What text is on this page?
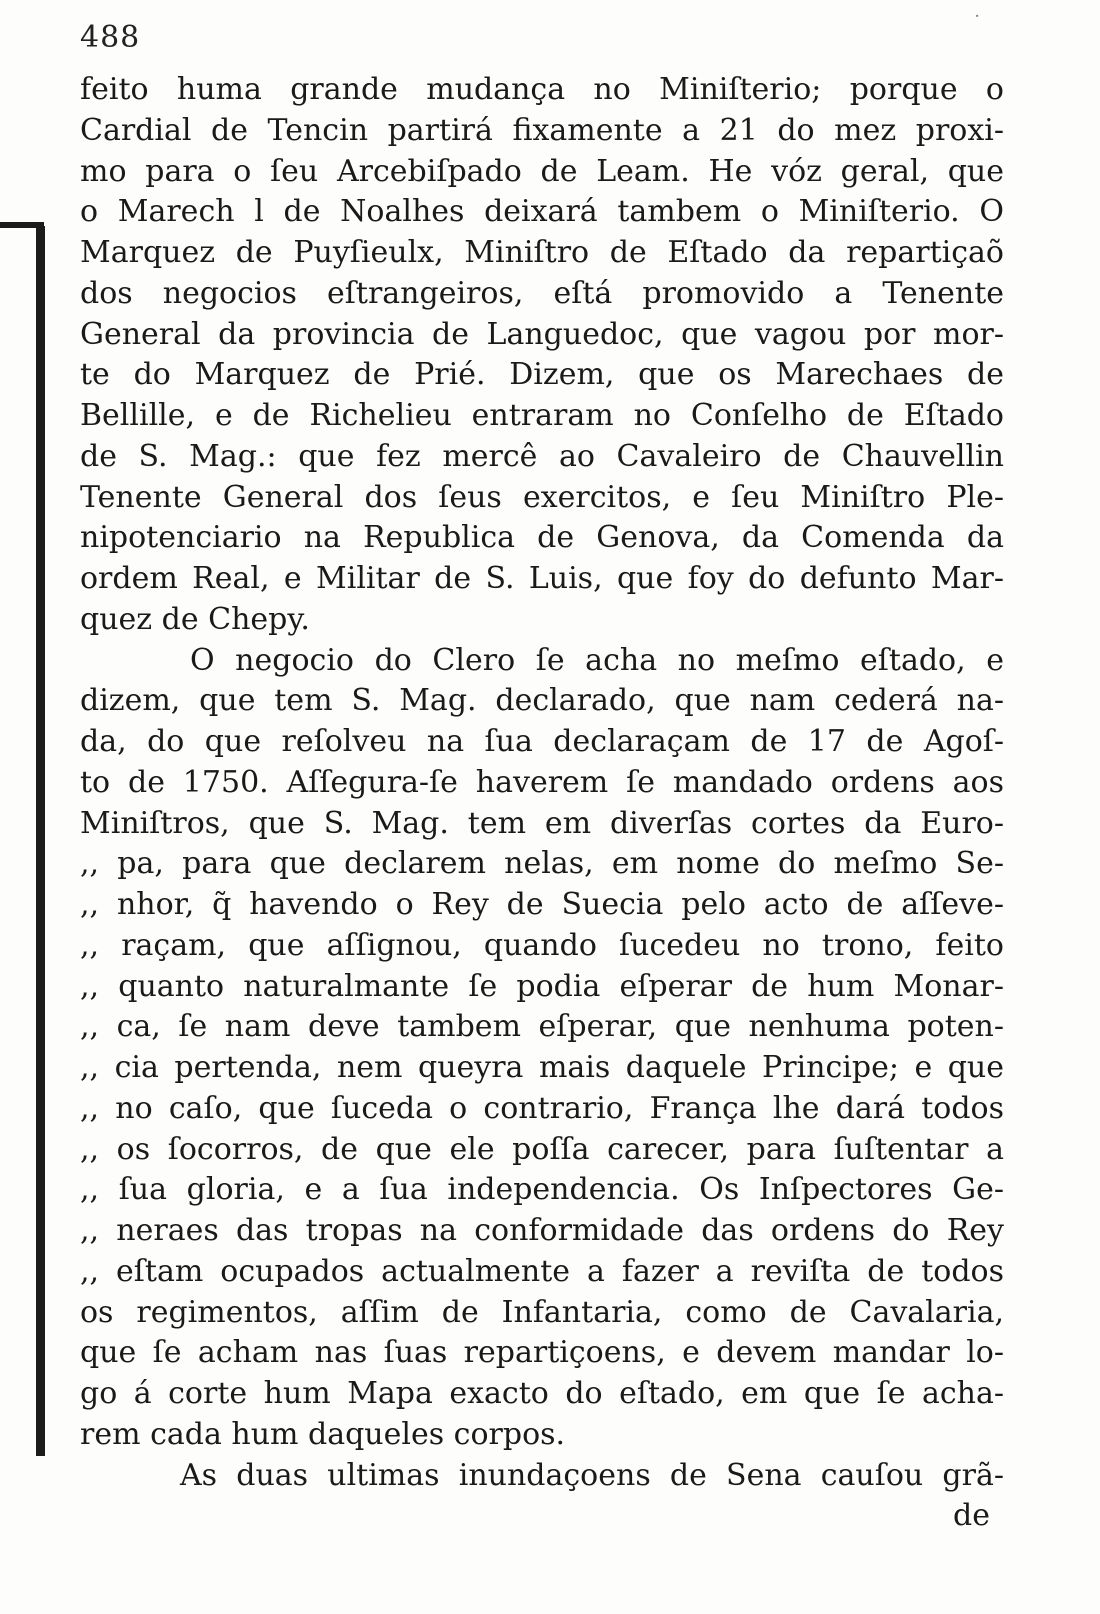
488
·
feito huma grande mudança no Miniſterio; porque o
Cardial de Tencin partirá fixamente a 21 do mez proxi-
mo para o ſeu Arcebiſpado de Leam. He vóz geral, que
o Marech l de Noalhes deixará tambem o Miniſterio. O
Marquez de Puyſieulx, Miniſtro de Eſtado da repartiçaõ
dos negocios eſtrangeiros, eſtá promovido a Tenente
General da provincia de Languedoc, que vagou por mor-
te do Marquez de Prié. Dizem, que os Marechaes de
Bellille, e de Richelieu entraram no Conſelho de Eſtado
de S. Mag.: que fez mercê ao Cavaleiro de Chauvellin
Tenente General dos ſeus exercitos, e ſeu Miniſtro Ple-
nipotenciario na Republica de Genova, da Comenda da
ordem Real, e Militar de S. Luis, que foy do defunto Mar-
quez de Chepy.
O negocio do Clero ſe acha no meſmo eſtado, e
dizem, que tem S. Mag. declarado, que nam cederá na-
da, do que reſolveu na ſua declaraçam de 17 de Agoſ-
to de 1750. Aſſegura-ſe haverem ſe mandado ordens aos
Miniſtros, que S. Mag. tem em diverſas cortes da Euro-
,, pa, para que declarem nelas, em nome do meſmo Se-
,, nhor, q̃ havendo o Rey de Suecia pelo acto de aſſeve-
,, raçam, que aſſignou, quando ſucedeu no trono, feito
,, quanto naturalmante ſe podia eſperar de hum Monar-
,, ca, ſe nam deve tambem eſperar, que nenhuma poten-
,, cia pertenda, nem queyra mais daquele Principe; e que
,, no caſo, que ſuceda o contrario, França lhe dará todos
,, os ſocorros, de que ele poſſa carecer, para ſuſtentar a
,, ſua gloria, e a ſua independencia. Os Inſpectores Ge-
,, neraes das tropas na conformidade das ordens do Rey
,, eſtam ocupados actualmente a fazer a reviſta de todos
os regimentos, aſſim de Infantaria, como de Cavalaria,
que ſe acham nas ſuas repartiçoens, e devem mandar lo-
go á corte hum Mapa exacto do eſtado, em que ſe acha-
rem cada hum daqueles corpos.
As duas ultimas inundaçoens de Sena cauſou grã-
de
